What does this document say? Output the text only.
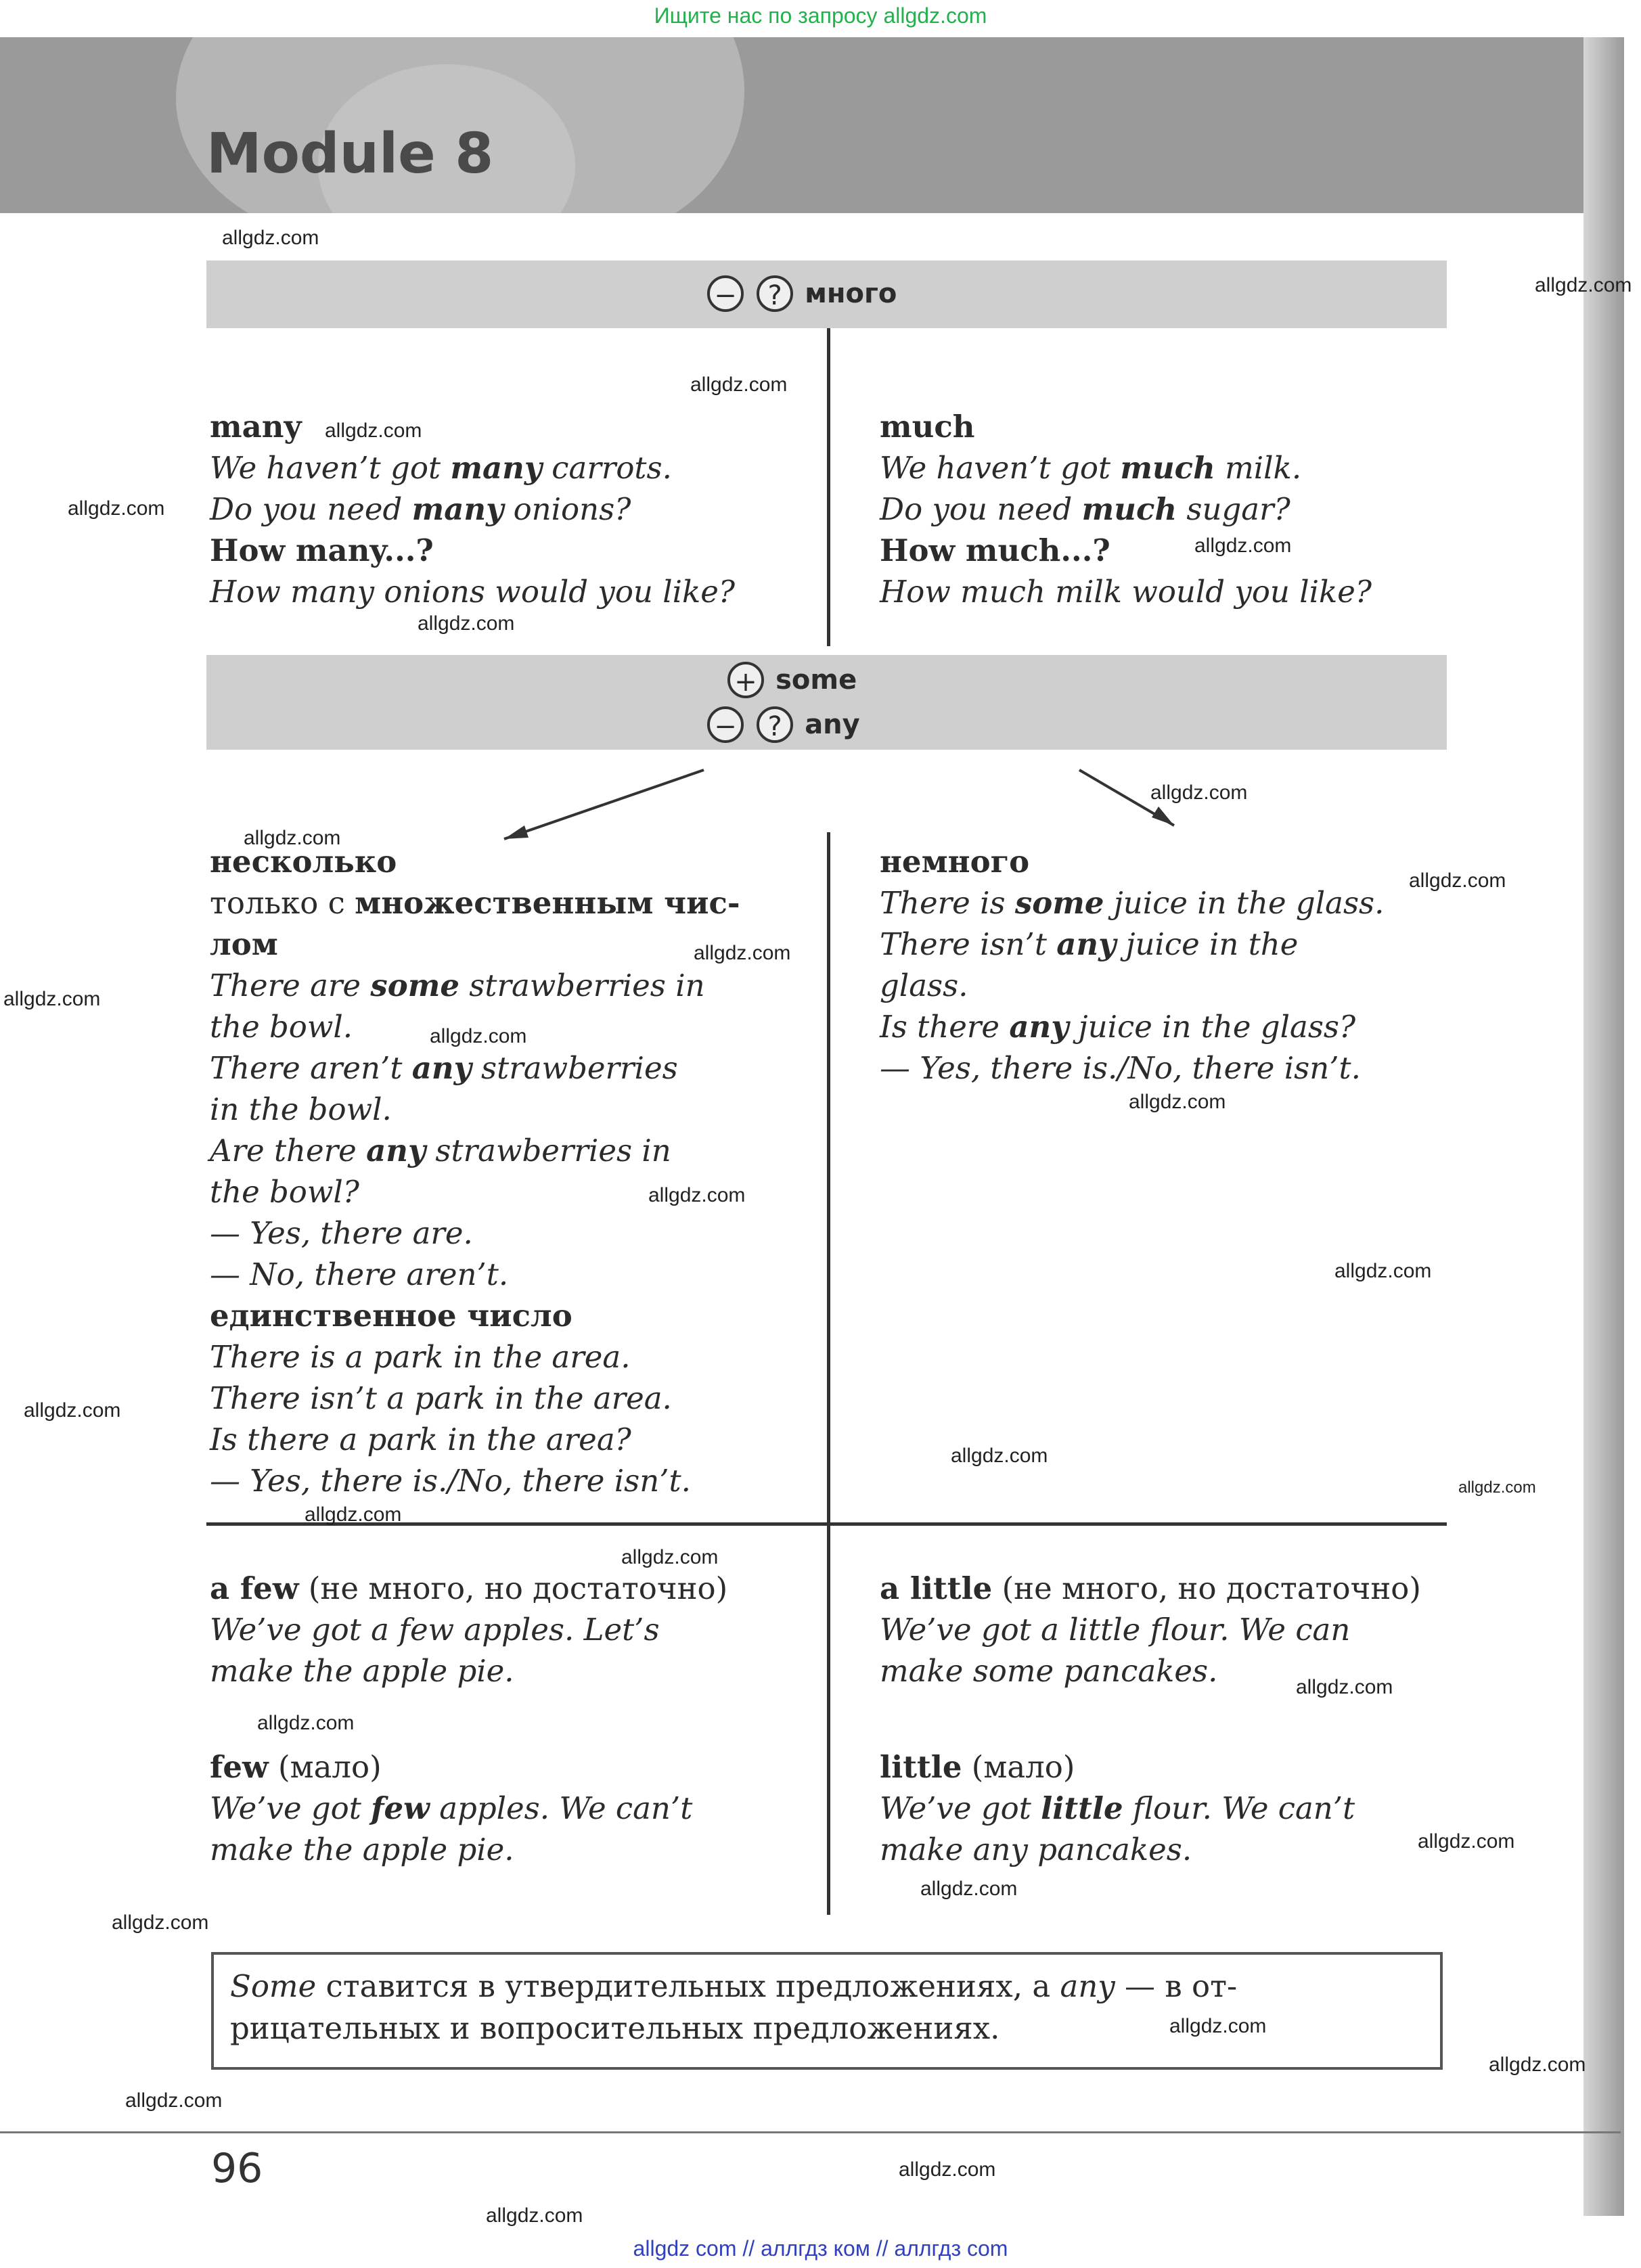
Ищите нас по запросу allgdz.com
Module 8
− ? много

many

We haven’t got many carrots.

Do you need many onions?

How many...?

How many onions would you like?

much

We haven’t got much milk.

Do you need much sugar?

How much...?

How much milk would you like?

+ some
− ? any

несколько

только с множественным чис-

лом

There are some strawberries in

the bowl.

There aren’t any strawberries

in the bowl.

Are there any strawberries in

the bowl?

— Yes, there are.

— No, there aren’t.

единственное число

There is a park in the area.

There isn’t a park in the area.

Is there a park in the area?

— Yes, there is./No, there isn’t.

немного

There is some juice in the glass.

There isn’t any juice in the

glass.

Is there any juice in the glass?

— Yes, there is./No, there isn’t.

a few (не много, но достаточно)

We’ve got a few apples. Let’s

make the apple pie.

few (мало)

We’ve got few apples. We can’t

make the apple pie.

a little (не много, но достаточно)

We’ve got a little flour. We can

make some pancakes.

little (мало)

We’ve got little flour. We can’t

make any pancakes.

Some ставится в утвердительных предложениях, а any — в от-
рицательных и вопросительных предложениях.
96
allgdz.com
allgdz.com
allgdz.com
allgdz.com
allgdz.com
allgdz.com
allgdz.com
allgdz.com
allgdz.com
allgdz.com
allgdz.com
allgdz.com
allgdz.com
allgdz.com
allgdz.com
allgdz.com
allgdz.com
allgdz.com
allgdz.com
allgdz.com
allgdz.com
allgdz.com
allgdz.com
allgdz.com
allgdz.com
allgdz.com
allgdz.com
allgdz.com
allgdz.com
allgdz.com
allgdz.com
allgdz com // аллгдз ком // аллгдз com
